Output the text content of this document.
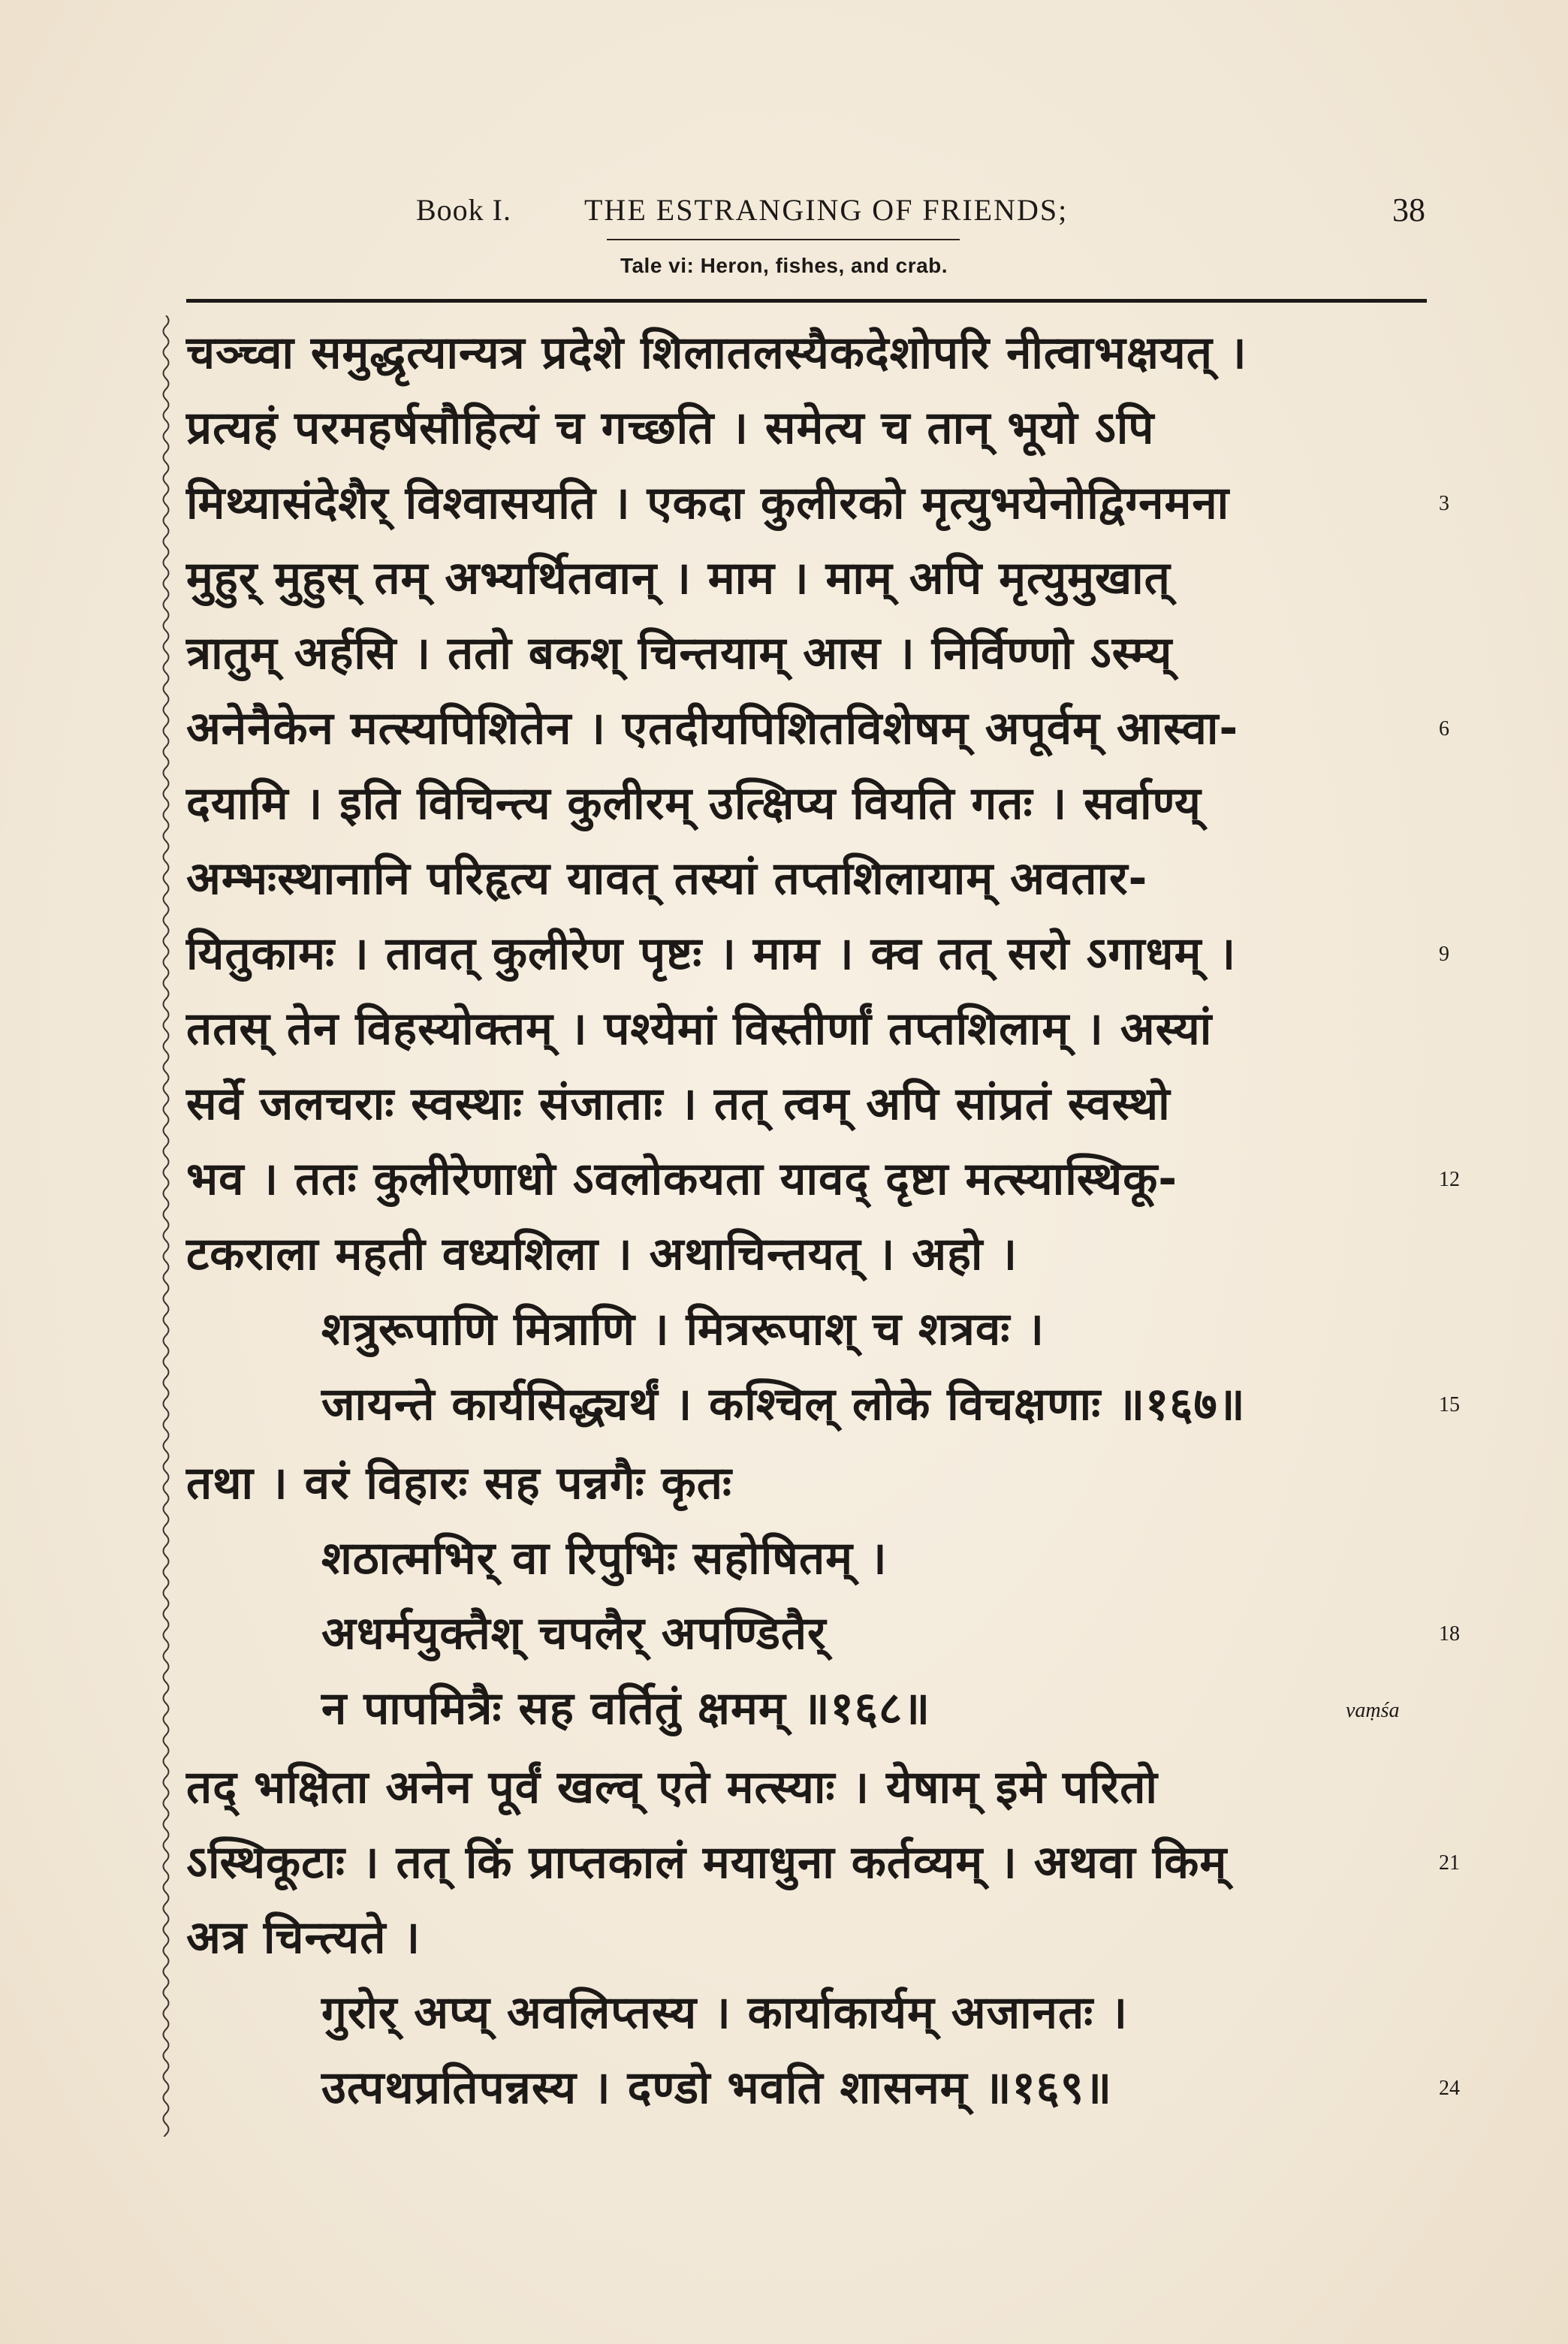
Book I. THE ESTRANGING OF FRIENDS;	38
Tale vi: Heron, fishes, and crab.
चञ्च्वा समुद्धृत्यान्यत्र प्रदेशे शिलातलस्यैकदेशोपरि नीत्वाभक्षयत् ।
प्रत्यहं परमहर्षसौहित्यं च गच्छति । समेत्य च तान् भूयो ऽपि
मिथ्यासंदेशैर् विश्वासयति । एकदा कुलीरको मृत्युभयेनोद्विग्नमना
मुहुर् मुहुस् तम् अभ्यर्थितवान् । माम । माम् अपि मृत्युमुखात्
त्रातुम् अर्हसि । ततो बकश् चिन्तयाम् आस । निर्विण्णो ऽस्म्य्
अनेनैकेन मत्स्यपिशितेन । एतदीयपिशितविशेषम् अपूर्वम् आस्वा-
दयामि । इति विचिन्त्य कुलीरम् उत्क्षिप्य वियति गतः । सर्वाण्य्
अम्भःस्थानानि परिहृत्य यावत् तस्यां तप्तशिलायाम् अवतार-
यितुकामः । तावत् कुलीरेण पृष्टः । माम । क्व तत् सरो ऽगाधम् ।
ततस् तेन विहस्योक्तम् । पश्येमां विस्तीर्णां तप्तशिलाम् । अस्यां
सर्वे जलचराः स्वस्थाः संजाताः । तत् त्वम् अपि सांप्रतं स्वस्थो
भव । ततः कुलीरेणाधो ऽवलोकयता यावद् दृष्टा मत्स्यास्थिकू-
टकराला महती वध्यशिला । अथाचिन्तयत् । अहो ।
शत्रुरूपाणि मित्राणि । मित्ररूपाश् च शत्रवः ।
जायन्ते कार्यसिद्ध्यर्थं । कश्चिल् लोके विचक्षणाः ॥१६७॥
तथा । वरं विहारः सह पन्नगैः कृतः
शठात्मभिर् वा रिपुभिः सहोषितम् ।
अधर्मयुक्तैश् चपलैर् अपण्डितैर्
न पापमित्रैः सह वर्तितुं क्षमम् ॥१६८॥
तद् भक्षिता अनेन पूर्वं खल्व् एते मत्स्याः । येषाम् इमे परितो
ऽस्थिकूटाः । तत् किं प्राप्तकालं मयाधुना कर्तव्यम् । अथवा किम्
अत्र चिन्त्यते ।
गुरोर् अप्य् अवलिप्तस्य । कार्याकार्यम् अजानतः ।
उत्पथप्रतिपन्नस्य । दण्डो भवति शासनम् ॥१६९॥
3
6
9
12
15
18
21
24
vaṃśa
